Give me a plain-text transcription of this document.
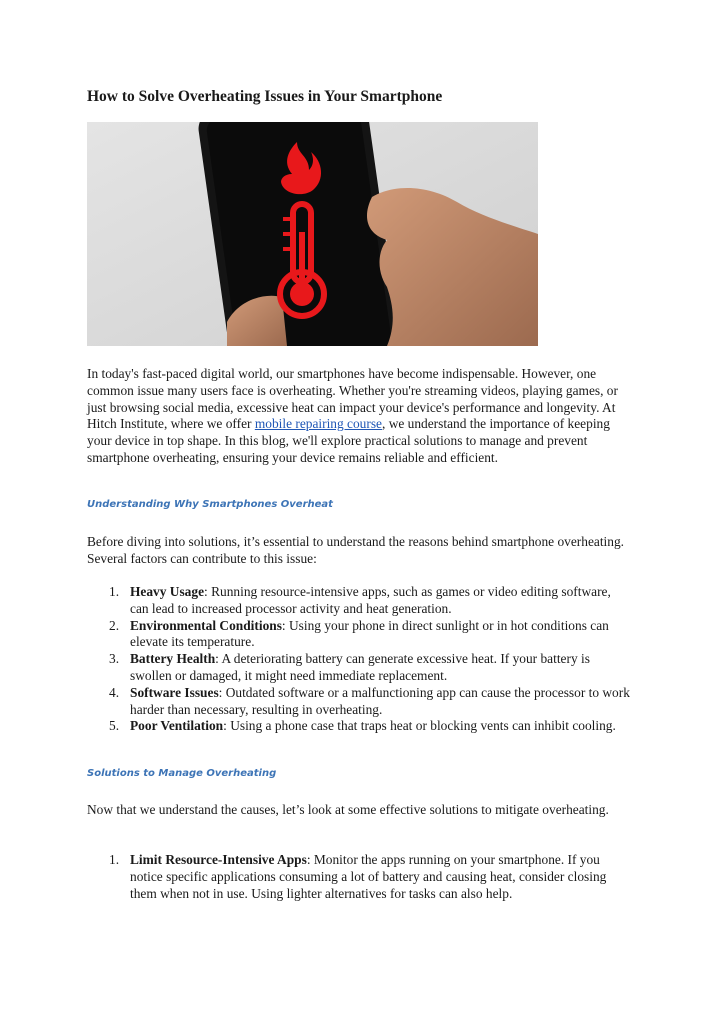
How to Solve Overheating Issues in Your Smartphone

In today's fast-paced digital world, our smartphones have become indispensable. However, one common issue many users face is overheating. Whether you're streaming videos, playing games, or just browsing social media, excessive heat can impact your device's performance and longevity. At Hitch Institute, where we offer mobile repairing course, we understand the importance of keeping your device in top shape. In this blog, we'll explore practical solutions to manage and prevent smartphone overheating, ensuring your device remains reliable and efficient.

Understanding Why Smartphones Overheat

Before diving into solutions, it’s essential to understand the reasons behind smartphone overheating. Several factors can contribute to this issue:

1. Heavy Usage: Running resource-intensive apps, such as games or video editing software, can lead to increased processor activity and heat generation.
2. Environmental Conditions: Using your phone in direct sunlight or in hot conditions can elevate its temperature.
3. Battery Health: A deteriorating battery can generate excessive heat. If your battery is swollen or damaged, it might need immediate replacement.
4. Software Issues: Outdated software or a malfunctioning app can cause the processor to work harder than necessary, resulting in overheating.
5. Poor Ventilation: Using a phone case that traps heat or blocking vents can inhibit cooling.
Solutions to Manage Overheating

Now that we understand the causes, let’s look at some effective solutions to mitigate overheating.

1. Limit Resource-Intensive Apps: Monitor the apps running on your smartphone. If you notice specific applications consuming a lot of battery and causing heat, consider closing them when not in use. Using lighter alternatives for tasks can also help.
